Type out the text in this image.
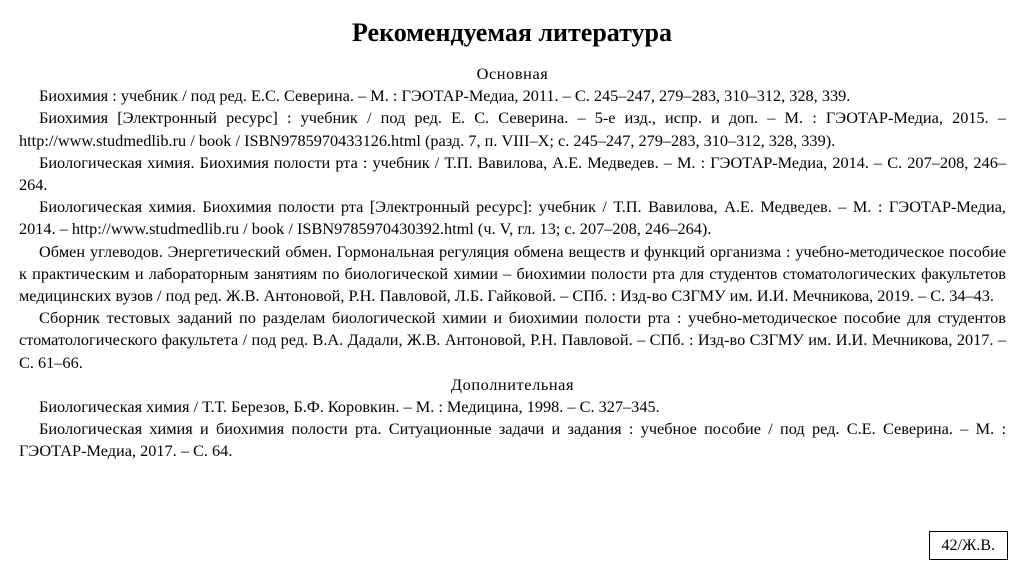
Рекомендуемая литература

Основная

Биохимия : учебник / под ред. Е.С. Северина. – М. : ГЭОТАР-Медиа, 2011. – С. 245–247, 279–283, 310–312, 328, 339.

Биохимия [Электронный ресурс] : учебник / под ред. Е. С. Северина. – 5-е изд., испр. и доп. – М. : ГЭОТАР-Медиа, 2015. – http://www.studmedlib.ru / book / ISBN9785970433126.html (разд. 7, п. VIII–X; с. 245–247, 279–283, 310–312, 328, 339).

Биологическая химия. Биохимия полости рта : учебник / Т.П. Вавилова, А.Е. Медведев. – М. : ГЭОТАР-Медиа, 2014. – С. 207–208, 246–264.

Биологическая химия. Биохимия полости рта [Электронный ресурс]: учебник / Т.П. Вавилова, А.Е. Медведев. – М. : ГЭОТАР-Медиа, 2014. – http://www.studmedlib.ru / book / ISBN9785970430392.html (ч. V, гл. 13; с. 207–208, 246–264).

Обмен углеводов. Энергетический обмен. Гормональная регуляция обмена веществ и функций организма : учебно-методическое пособие к практическим и лабораторным занятиям по биологической химии – биохимии полости рта для студентов стоматологических факультетов медицинских вузов / под ред. Ж.В. Антоновой, Р.Н. Павловой, Л.Б. Гайковой. – СПб. : Изд-во СЗГМУ им. И.И. Мечникова, 2019. – С. 34–43.

Сборник тестовых заданий по разделам биологической химии и биохимии полости рта : учебно-методическое пособие для студентов стоматологического факультета / под ред. В.А. Дадали, Ж.В. Антоновой, Р.Н. Павловой. – СПб. : Изд-во СЗГМУ им. И.И. Мечникова, 2017. – С. 61–66.

Дополнительная

Биологическая химия / Т.Т. Березов, Б.Ф. Коровкин. – М. : Медицина, 1998. – С. 327–345.

Биологическая химия и биохимия полости рта. Ситуационные задачи и задания : учебное пособие / под ред. С.Е. Северина. – М. : ГЭОТАР-Медиа, 2017. – С. 64.

42/Ж.В.
